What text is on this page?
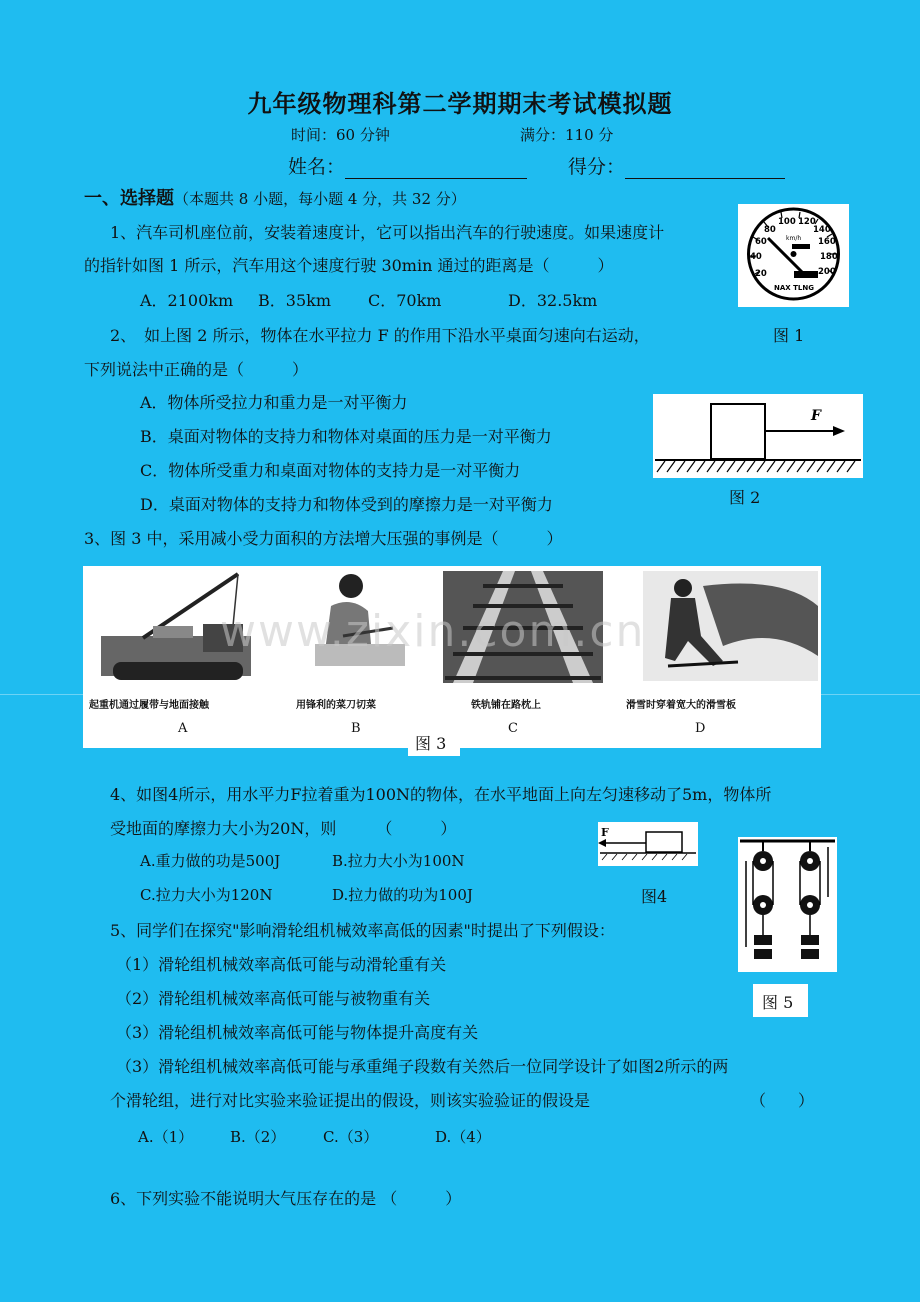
九年级物理科第二学期期末考试模拟题
时间：60 分钟	满分：110 分
姓名：	得分：
一、选择题（本题共 8 小题，每小题 4 分，共 32 分）
1、汽车司机座位前，安装着速度计，它可以指出汽车的行驶速度。如果速度计
的指针如图 1 所示，汽车用这个速度行驶 30min 通过的距离是（　　　）
A．2100km B．35km C．70km	D．32.5km
20
40
60
80
100 120
140
160
180
200
km/h
NAX TLNG
2、　如上图 2 所示，物体在水平拉力 F 的作用下沿水平桌面匀速向右运动，	图 1
下列说法中正确的是（　　　）
A．物体所受拉力和重力是一对平衡力
B．桌面对物体的支持力和物体对桌面的压力是一对平衡力
C．物体所受重力和桌面对物体的支持力是一对平衡力
D．桌面对物体的支持力和物体受到的摩擦力是一对平衡力
F
图 2
3、图 3 中，采用减小受力面积的方法增大压强的事例是（　　　）
起重机通过履带与地面接触	用锋利的菜刀切菜	铁轨铺在路枕上	滑雪时穿着宽大的滑雪板
A	B	C	D
www.zixin.com.cn
图 3
4、如图4所示，用水平力F拉着重为100N的物体，在水平地面上向左匀速移动了5m，物体所
受地面的摩擦力大小为20N，则　　　（　　　）
A.重力做的功是500J	B.拉力大小为100N
C.拉力大小为120N	D.拉力做的功为100J
F
图4
图 5
5、同学们在探究"影响滑轮组机械效率高低的因素"时提出了下列假设：
（1）滑轮组机械效率高低可能与动滑轮重有关
（2）滑轮组机械效率高低可能与被物重有关
（3）滑轮组机械效率高低可能与物体提升高度有关
（3）滑轮组机械效率高低可能与承重绳子段数有关然后一位同学设计了如图2所示的两
个滑轮组，进行对比实验来验证提出的假设，则该实验验证的假设是	（　　）
A.（1） B.（2）	C.（3）	D.（4）
6、下列实验不能说明大气压存在的是 （　　　）
